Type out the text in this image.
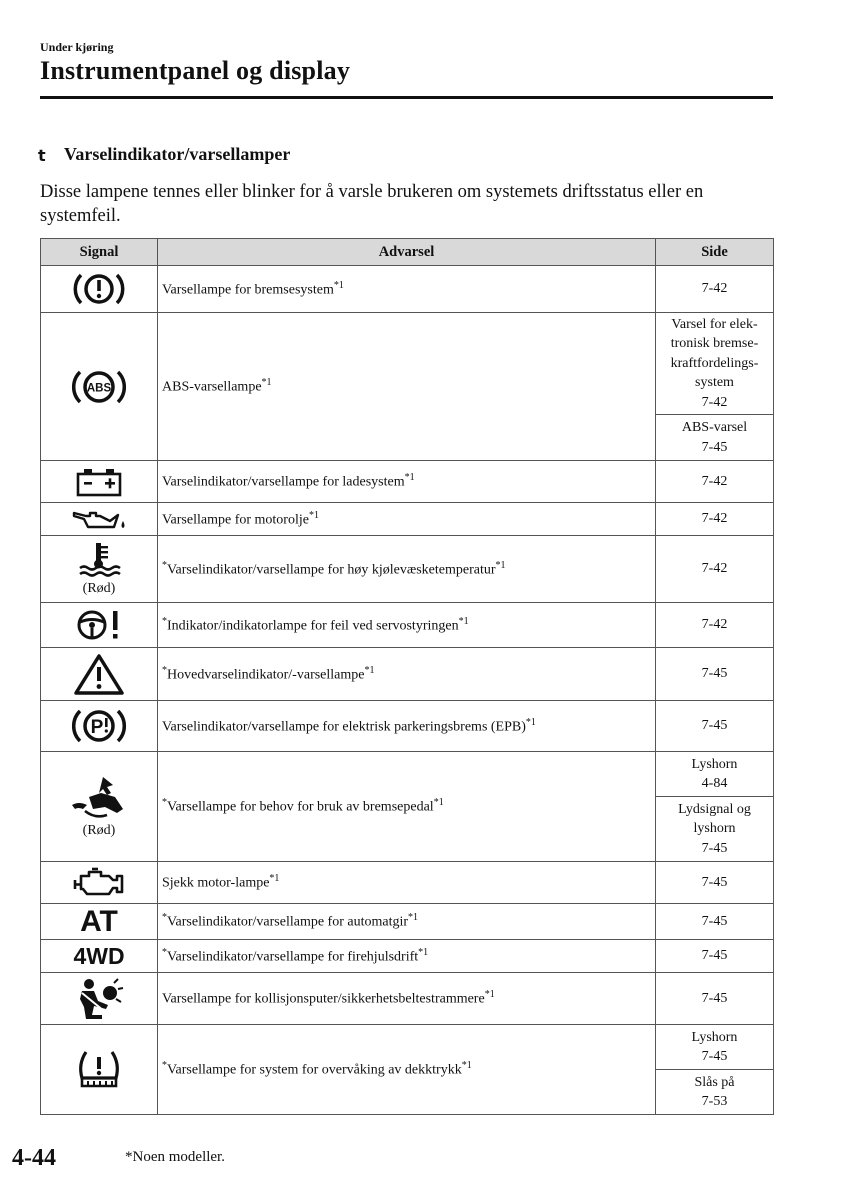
Under kjøring
Instrumentpanel og display
t Varselindikator/varsellamper
Disse lampene tennes eller blinker for å varsle brukeren om systemets driftsstatus eller en systemfeil.
Signal	Advarsel	Side

	Varsellampe for bremsesystem$^{*1}$	7-42

ABS	ABS-varsellampe$^{*1}$	Varsel for elek-
tronisk bremse-
kraftfordelings-
system
7-42
		ABS-varsel
7-45

	Varselindikator/varsellampe for ladesystem$^{*1}$	7-42

	Varsellampe for motorolje$^{*1}$	7-42

(Rød)	*Varselindikator/varsellampe for høy kjølevæsketemperatur$^{*1}$	7-42

	*Indikator/indikatorlampe for feil ved servostyringen$^{*1}$	7-42

	*Hovedvarselindikator/-varsellampe$^{*1}$	7-45

P	Varselindikator/varsellampe for elektrisk parkeringsbrems (EPB)$^{*1}$	7-45

(Rød)	*Varsellampe for behov for bruk av bremsepedal$^{*1}$	Lyshorn
4-84
		Lydsignal og
lyshorn
7-45

	Sjekk motor-lampe$^{*1}$	7-45
AT	*Varselindikator/varsellampe for automatgir$^{*1}$	7-45
4WD	*Varselindikator/varsellampe for firehjulsdrift$^{*1}$	7-45

	Varsellampe for kollisjonsputer/sikkerhetsbeltestrammere$^{*1}$	7-45

	*Varsellampe for system for overvåking av dekktrykk$^{*1}$	Lyshorn
7-45
		Slås på
7-53
4-44	*Noen modeller.
